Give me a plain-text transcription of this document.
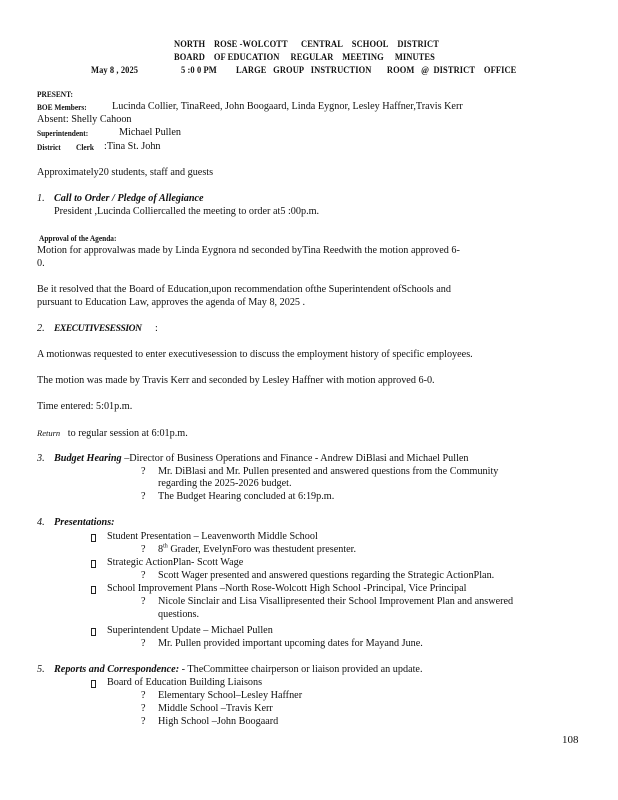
NORTH ROSE -WOLCOTT CENTRAL SCHOOL DISTRICT
BOARD OF EDUCATION REGULAR MEETING MINUTES
May 8 , 2025	5 :0 0 PM LARGE GROUP INSTRUCTION ROOM @ DISTRICT OFFICE
PRESENT:
BOE Members: Lucinda Collier, TinaReed, John Boogaard, Linda Eygnor, Lesley Haffner,Travis Kerr
Absent: Shelly Cahoon
Superintendent:	Michael Pullen
District Clerk :Tina St. John
Approximately20 students, staff and guests
1. Call to Order / Pledge of Allegiance
President ,Lucinda Colliercalled the meeting to order at5 :00p.m.
Approval of the Agenda:
Motion for approvalwas made by Linda Eygnora nd seconded byTina Reedwith the motion approved 6-
0.
Be it resolved that the Board of Education,upon recommendation ofthe Superintendent ofSchools and
pursuant to Education Law, approves the agenda of May 8, 2025 .
2. EXECUTIVESESSION :
A motionwas requested to enter executivesession to discuss the employment history of specific employees.
The motion was made by Travis Kerr and seconded by Lesley Haffner with motion approved 6-0.
Time entered: 5:01p.m.
Return to regular session at 6:01p.m.
3. Budget Hearing –Director of Business Operations and Finance - Andrew DiBlasi and Michael Pullen
? Mr. DiBlasi and Mr. Pullen presented and answered questions from the Community
regarding the 2025-2026 budget.
? The Budget Hearing concluded at 6:19p.m.
4. Presentations:
Student Presentation – Leavenworth Middle School
? 8th Grader, EvelynForo was thestudent presenter.
Strategic ActionPlan- Scott Wage
? Scott Wager presented and answered questions regarding the Strategic ActionPlan.
School Improvement Plans –North Rose-Wolcott High School -Principal, Vice Principal
? Nicole Sinclair and Lisa Visallipresented their School Improvement Plan and answered
questions.
Superintendent Update – Michael Pullen
? Mr. Pullen provided important upcoming dates for Mayand June.
5. Reports and Correspondence: - TheCommittee chairperson or liaison provided an update.
Board of Education Building Liaisons
? Elementary School–Lesley Haffner
? Middle School –Travis Kerr
? High School –John Boogaard
108
